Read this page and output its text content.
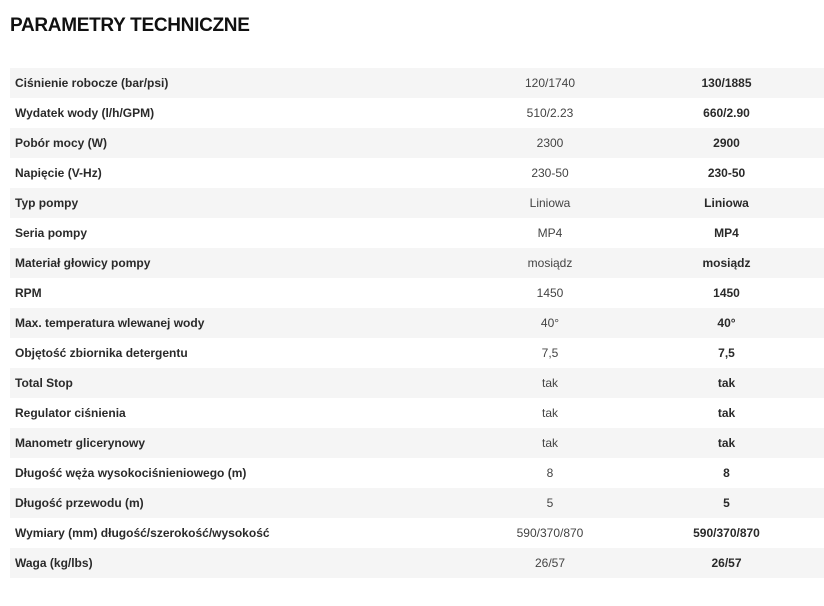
PARAMETRY TECHNICZNE
Ciśnienie robocze (bar/psi)	120/1740	130/1885
Wydatek wody (l/h/GPM)	510/2.23	660/2.90
Pobór mocy (W)	2300	2900
Napięcie (V-Hz)	230-50	230-50
Typ pompy	Liniowa	Liniowa
Seria pompy	MP4	MP4
Materiał głowicy pompy	mosiądz	mosiądz
RPM	1450	1450
Max. temperatura wlewanej wody	40°	40°
Objętość zbiornika detergentu	7,5	7,5
Total Stop	tak	tak
Regulator ciśnienia	tak	tak
Manometr glicerynowy	tak	tak
Długość węża wysokociśnieniowego (m)	8	8
Długość przewodu (m)	5	5
Wymiary (mm) długość/szerokość/wysokość	590/370/870	590/370/870
Waga (kg/lbs)	26/57	26/57
